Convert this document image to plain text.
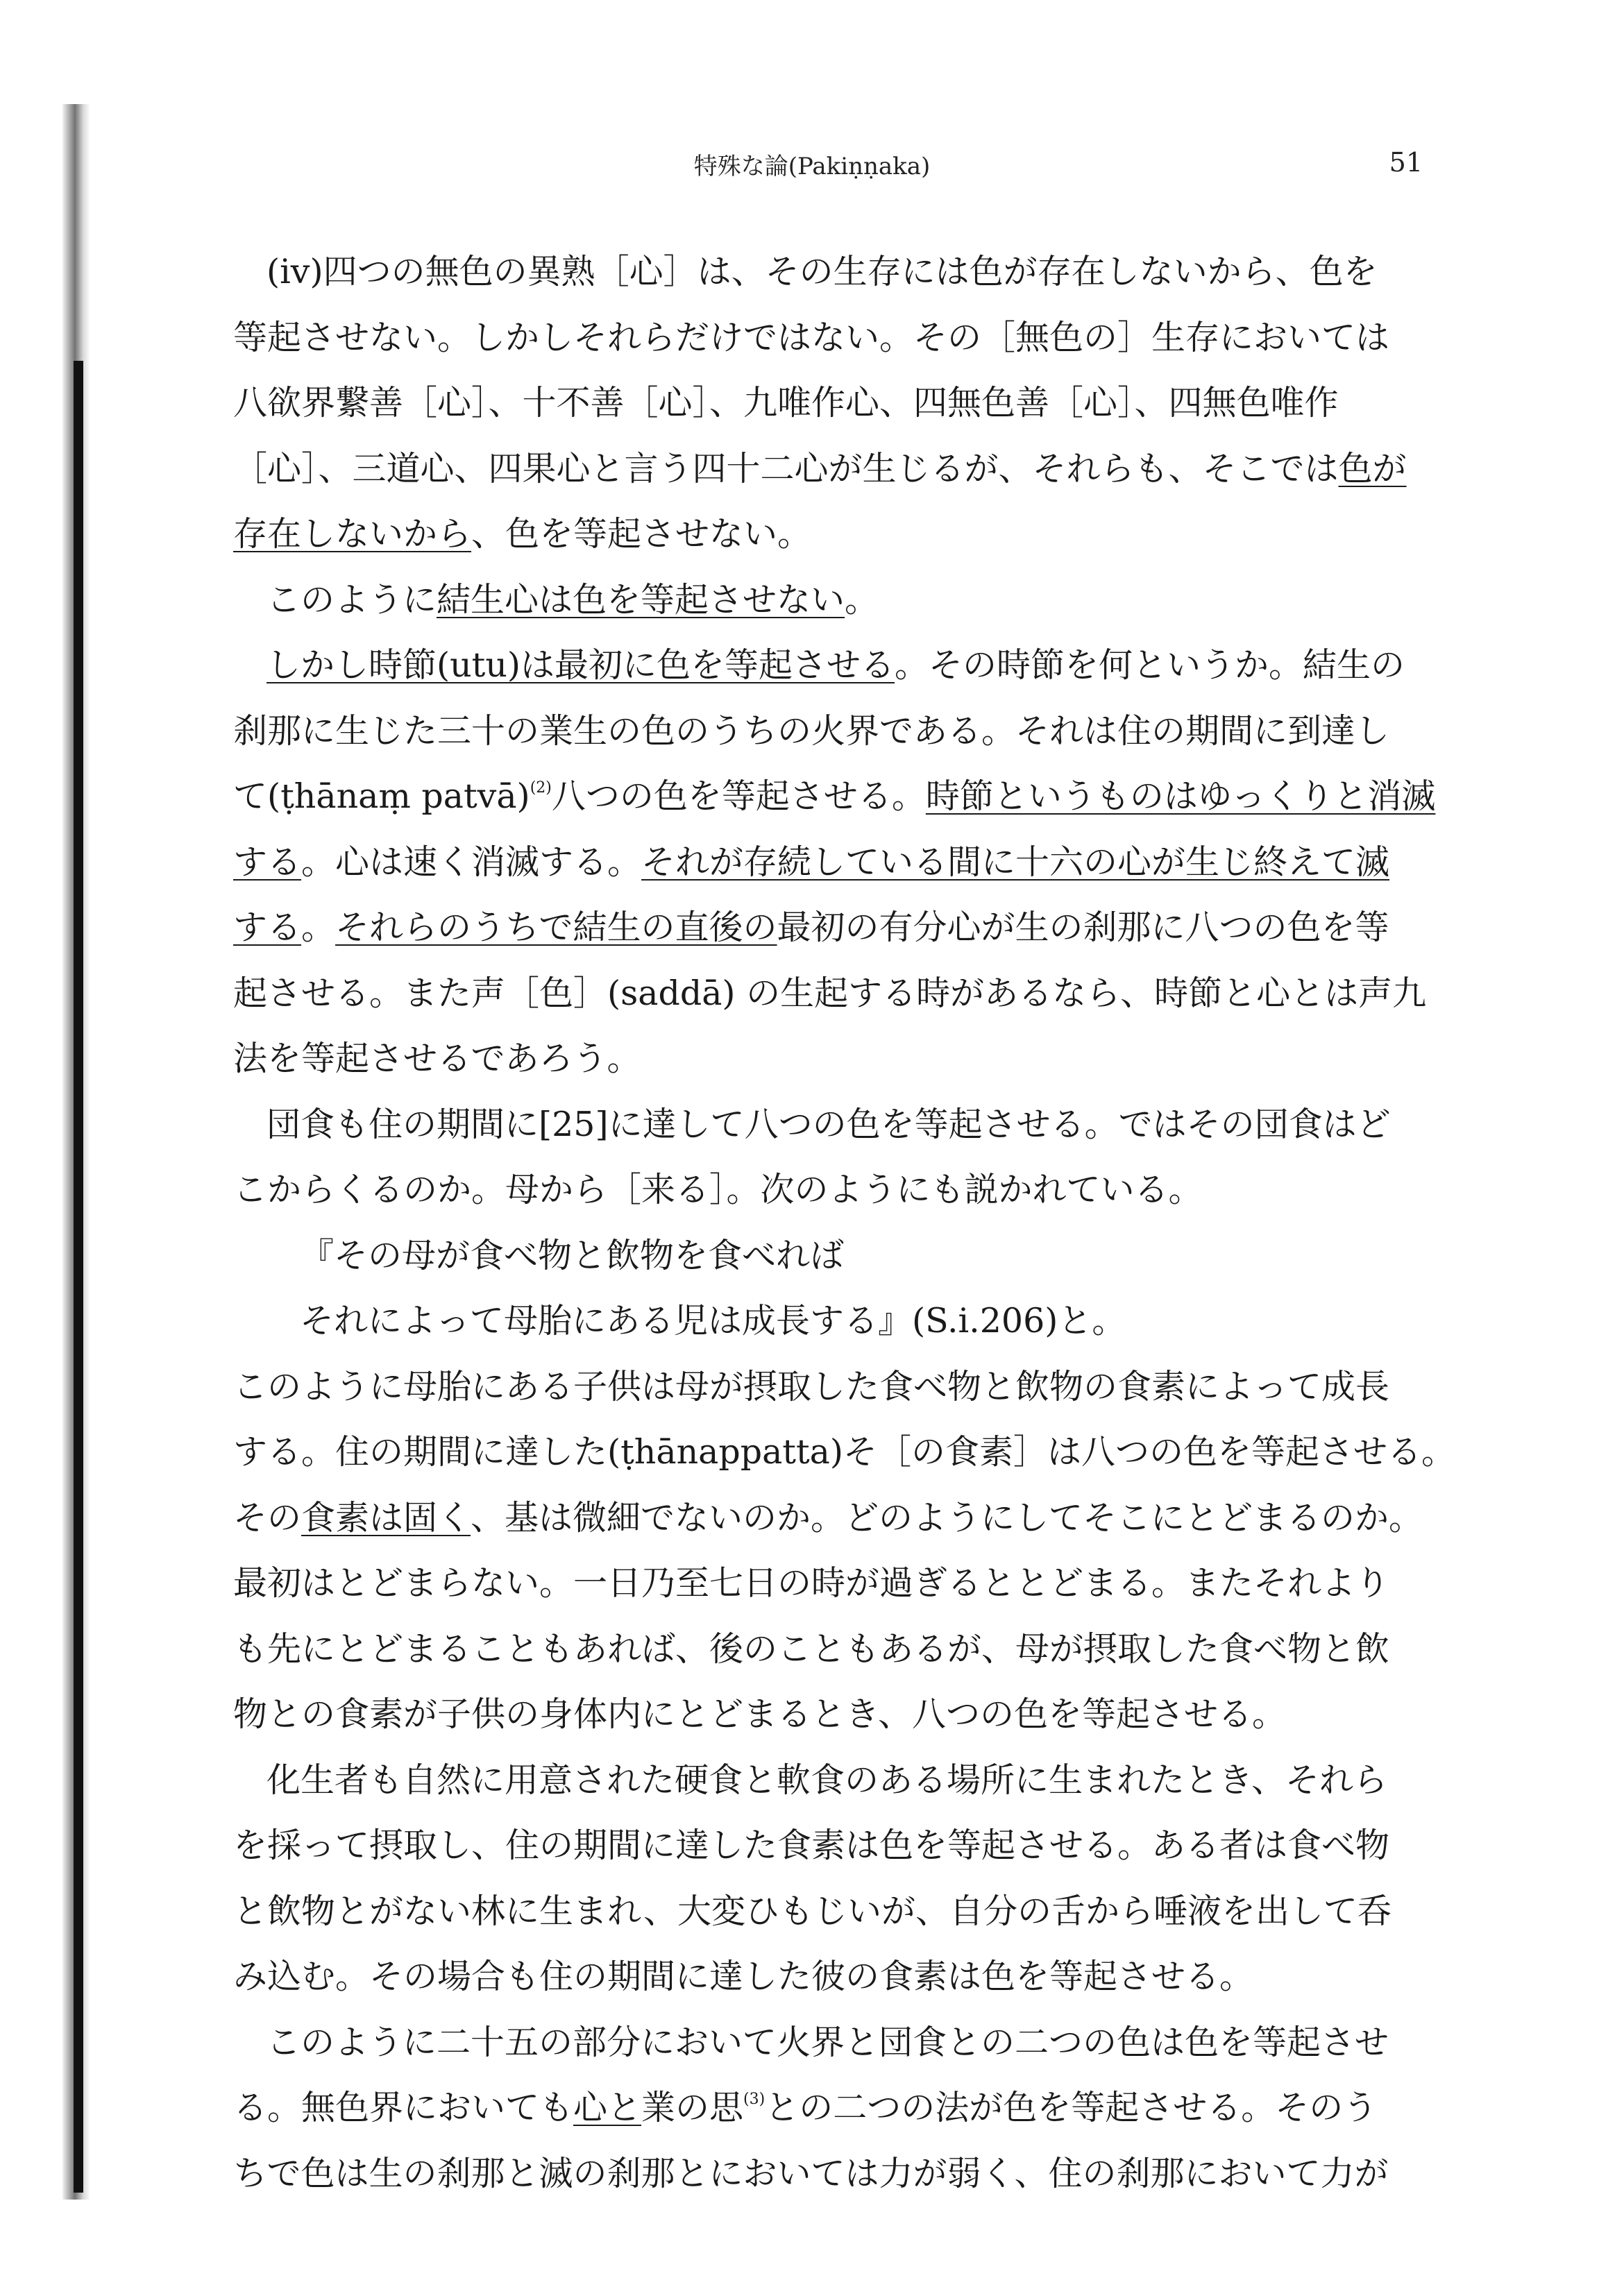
特殊な論(Pakiṇṇaka)	51
(iv)四つの無色の異熟［心］は、その生存には色が存在しないから、色を
等起させない。しかしそれらだけではない。その［無色の］生存においては
八欲界繋善［心］、十不善［心］、九唯作心、四無色善［心］、四無色唯作
［心］、三道心、四果心と言う四十二心が生じるが、それらも、そこでは色が
存在しないから、色を等起させない。
このように結生心は色を等起させない。
しかし時節(utu)は最初に色を等起させる。その時節を何というか。結生の
刹那に生じた三十の業生の色のうちの火界である。それは住の期間に到達し
て(ṭhānaṃ patvā)$^{(2)}$八つの色を等起させる。時節というものはゆっくりと消滅
する。心は速く消滅する。それが存続している間に十六の心が生じ終えて滅
する。それらのうちで結生の直後の最初の有分心が生の刹那に八つの色を等
起させる。また声［色］(saddā) の生起する時があるなら、時節と心とは声九
法を等起させるであろう。
団食も住の期間に[25]に達して八つの色を等起させる。ではその団食はど
こからくるのか。母から［来る］。次のようにも説かれている。
『その母が食べ物と飲物を食べれば
それによって母胎にある児は成長する』(S.i.206)と。
このように母胎にある子供は母が摂取した食べ物と飲物の食素によって成長
する。住の期間に達した(ṭhānappatta)そ［の食素］は八つの色を等起させる。
その食素は固く、基は微細でないのか。どのようにしてそこにとどまるのか。
最初はとどまらない。一日乃至七日の時が過ぎるととどまる。またそれより
も先にとどまることもあれば、後のこともあるが、母が摂取した食べ物と飲
物との食素が子供の身体内にとどまるとき、八つの色を等起させる。
化生者も自然に用意された硬食と軟食のある場所に生まれたとき、それら
を採って摂取し、住の期間に達した食素は色を等起させる。ある者は食べ物
と飲物とがない林に生まれ、大変ひもじいが、自分の舌から唾液を出して呑
み込む。その場合も住の期間に達した彼の食素は色を等起させる。
このように二十五の部分において火界と団食との二つの色は色を等起させ
る。無色界においても心と業の思$^{(3)}$との二つの法が色を等起させる。そのう
ちで色は生の刹那と滅の刹那とにおいては力が弱く、住の刹那において力が
